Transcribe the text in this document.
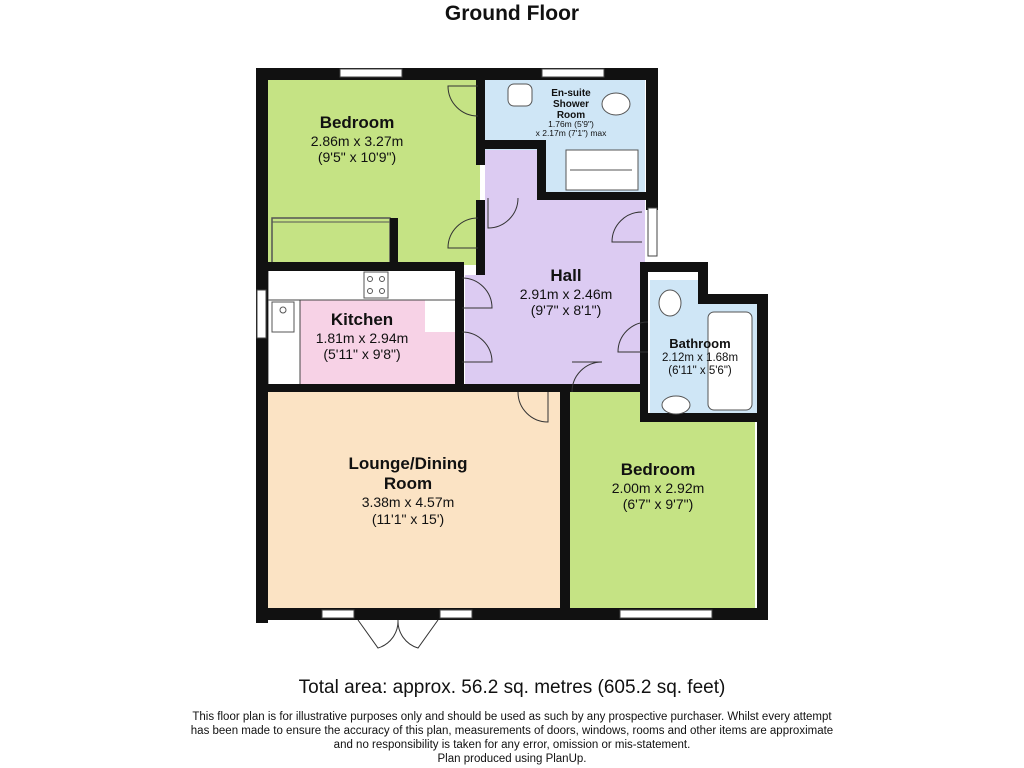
Ground Floor
Bedroom
2.86m x 3.27m
(9'5" x 10'9")
En-suite
Shower
Room
1.76m (5'9")
x 2.17m (7'1") max
Hall
2.91m x 2.46m
(9'7" x 8'1")
Kitchen
1.81m x 2.94m
(5'11" x 9'8")
Bathroom
2.12m x 1.68m
(6'11" x 5'6")
Lounge/Dining
Room
3.38m x 4.57m
(11'1" x 15')
Bedroom
2.00m x 2.92m
(6'7" x 9'7")
Total area: approx. 56.2 sq. metres (605.2 sq. feet)
This floor plan is for illustrative purposes only and should be used as such by any prospective purchaser. Whilst every attempt
has been made to ensure the accuracy of this plan, measurements of doors, windows, rooms and other items are approximate
and no responsibility is taken for any error, omission or mis-statement.
Plan produced using PlanUp.
